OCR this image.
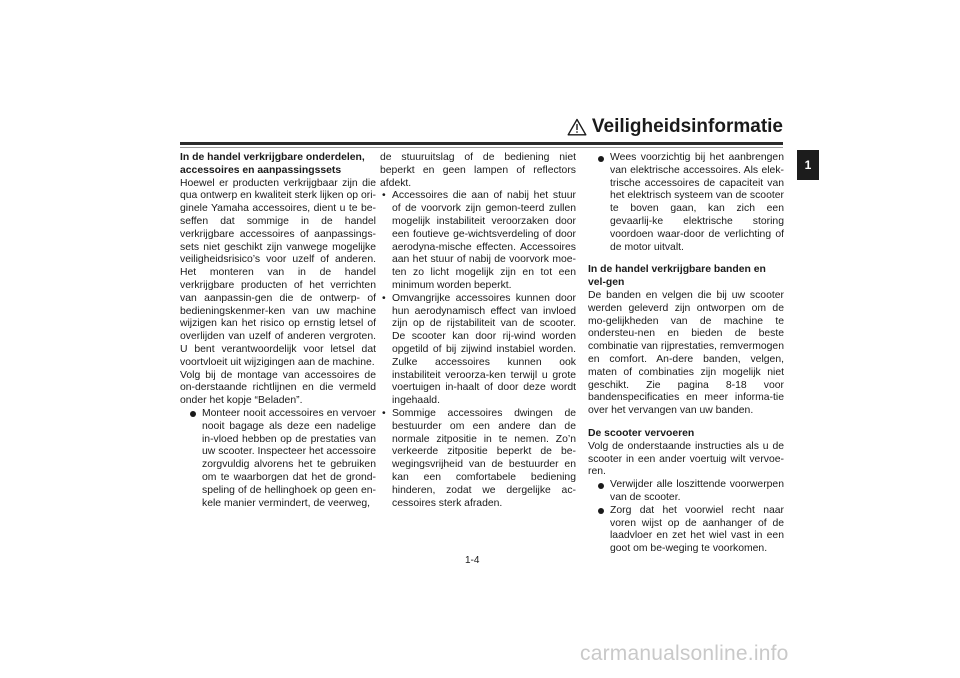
Veiligheidsinformatie
1

In de handel verkrijgbare onderdelen, accessoires en aanpassingssets

Hoewel er producten verkrijgbaar zijn die qua ontwerp en kwaliteit sterk lijken op ori-ginele Yamaha accessoires, dient u te be-seffen dat sommige in de handel verkrijgbare accessoires of aanpassings-sets niet geschikt zijn vanwege mogelijke veiligheidsrisico’s voor uzelf of anderen. Het monteren van in de handel verkrijgbare producten of het verrichten van aanpassin-gen die de ontwerp- of bedieningskenmer-ken van uw machine wijzigen kan het risico op ernstig letsel of overlijden van uzelf of anderen vergroten. U bent verantwoordelijk voor letsel dat voortvloeit uit wijzigingen aan de machine.

Volg bij de montage van accessoires de on-derstaande richtlijnen en die vermeld onder het kopje “Beladen”.

Monteer nooit accessoires en vervoer nooit bagage als deze een nadelige in-vloed hebben op de prestaties van uw scooter. Inspecteer het accessoire zorgvuldig alvorens het te gebruiken om te waarborgen dat het de grond-speling of de hellinghoek op geen en-kele manier vermindert, de veerweg,

de stuuruitslag of de bediening niet beperkt en geen lampen of reflectors afdekt.

• Accessoires die aan of nabij het stuur of de voorvork zijn gemon-teerd zullen mogelijk instabiliteit veroorzaken door een foutieve ge-wichtsverdeling of door aerodyna-mische effecten. Accessoires aan het stuur of nabij de voorvork moe-ten zo licht mogelijk zijn en tot een minimum worden beperkt.

• Omvangrijke accessoires kunnen door hun aerodynamisch effect van invloed zijn op de rijstabiliteit van de scooter. De scooter kan door rij-wind worden opgetild of bij zijwind instabiel worden. Zulke accessoires kunnen ook instabiliteit veroorza-ken terwijl u grote voertuigen in-haalt of door deze wordt ingehaald.

• Sommige accessoires dwingen de bestuurder om een andere dan de normale zitpositie in te nemen. Zo’n verkeerde zitpositie beperkt de be-wegingsvrijheid van de bestuurder en kan een comfortabele bediening hinderen, zodat we dergelijke ac-cessoires sterk afraden.

Wees voorzichtig bij het aanbrengen van elektrische accessoires. Als elek-trische accessoires de capaciteit van het elektrisch systeem van de scooter te boven gaan, kan zich een gevaarlij-ke elektrische storing voordoen waar-door de verlichting of de motor uitvalt.

In de handel verkrijgbare banden en vel-gen

De banden en velgen die bij uw scooter werden geleverd zijn ontworpen om de mo-gelijkheden van de machine te ondersteu-nen en bieden de beste combinatie van rijprestaties, remvermogen en comfort. An-dere banden, velgen, maten of combinaties zijn mogelijk niet geschikt. Zie pagina 8-18 voor bandenspecificaties en meer informa-tie over het vervangen van uw banden.

De scooter vervoeren

Volg de onderstaande instructies als u de scooter in een ander voertuig wilt vervoe-ren.

Verwijder alle loszittende voorwerpen van de scooter.

Zorg dat het voorwiel recht naar voren wijst op de aanhanger of de laadvloer en zet het wiel vast in een goot om be-weging te voorkomen.

1-4
carmanualsonline.info
